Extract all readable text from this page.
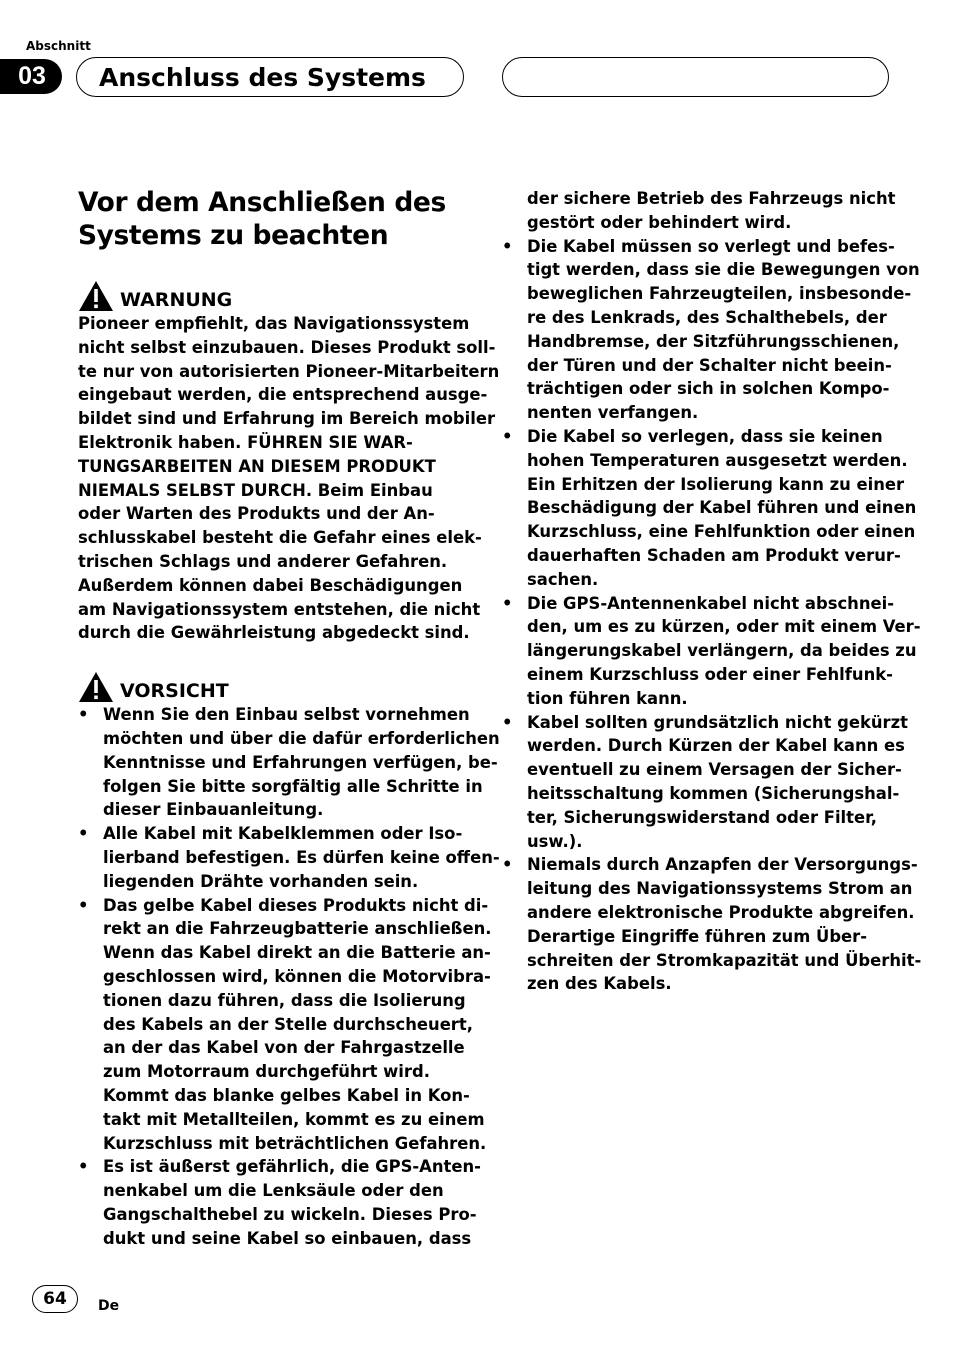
Abschnitt
03	Anschluss des Systems
Vor dem Anschließen des
Systems zu beachten
WARNUNG

Pioneer empfiehlt, das Navigationssystem
nicht selbst einzubauen. Dieses Produkt soll-
te nur von autorisierten Pioneer-Mitarbeitern
eingebaut werden, die entsprechend ausge-
bildet sind und Erfahrung im Bereich mobiler
Elektronik haben. FÜHREN SIE WAR-
TUNGSARBEITEN AN DIESEM PRODUKT
NIEMALS SELBST DURCH. Beim Einbau
oder Warten des Produkts und der An-
schlusskabel besteht die Gefahr eines elek-
trischen Schlags und anderer Gefahren.
Außerdem können dabei Beschädigungen
am Navigationssystem entstehen, die nicht
durch die Gewährleistung abgedeckt sind.

VORSICHT
• Wenn Sie den Einbau selbst vornehmen
möchten und über die dafür erforderlichen
Kenntnisse und Erfahrungen verfügen, be-
folgen Sie bitte sorgfältig alle Schritte in
dieser Einbauanleitung.
• Alle Kabel mit Kabelklemmen oder Iso-
lierband befestigen. Es dürfen keine offen-
liegenden Drähte vorhanden sein.
• Das gelbe Kabel dieses Produkts nicht di-
rekt an die Fahrzeugbatterie anschließen.
Wenn das Kabel direkt an die Batterie an-
geschlossen wird, können die Motorvibra-
tionen dazu führen, dass die Isolierung
des Kabels an der Stelle durchscheuert,
an der das Kabel von der Fahrgastzelle
zum Motorraum durchgeführt wird.
Kommt das blanke gelbes Kabel in Kon-
takt mit Metallteilen, kommt es zu einem
Kurzschluss mit beträchtlichen Gefahren.
• Es ist äußerst gefährlich, die GPS-Anten-
nenkabel um die Lenksäule oder den
Gangschalthebel zu wickeln. Dieses Pro-
dukt und seine Kabel so einbauen, dass
der sichere Betrieb des Fahrzeugs nicht
gestört oder behindert wird.
• Die Kabel müssen so verlegt und befes-
tigt werden, dass sie die Bewegungen von
beweglichen Fahrzeugteilen, insbesonde-
re des Lenkrads, des Schalthebels, der
Handbremse, der Sitzführungsschienen,
der Türen und der Schalter nicht beein-
trächtigen oder sich in solchen Kompo-
nenten verfangen.
• Die Kabel so verlegen, dass sie keinen
hohen Temperaturen ausgesetzt werden.
Ein Erhitzen der Isolierung kann zu einer
Beschädigung der Kabel führen und einen
Kurzschluss, eine Fehlfunktion oder einen
dauerhaften Schaden am Produkt verur-
sachen.
• Die GPS-Antennenkabel nicht abschnei-
den, um es zu kürzen, oder mit einem Ver-
längerungskabel verlängern, da beides zu
einem Kurzschluss oder einer Fehlfunk-
tion führen kann.
• Kabel sollten grundsätzlich nicht gekürzt
werden. Durch Kürzen der Kabel kann es
eventuell zu einem Versagen der Sicher-
heitsschaltung kommen (Sicherungshal-
ter, Sicherungswiderstand oder Filter,
usw.).
• Niemals durch Anzapfen der Versorgungs-
leitung des Navigationssystems Strom an
andere elektronische Produkte abgreifen.
Derartige Eingriffe führen zum Über-
schreiten der Stromkapazität und Überhit-
zen des Kabels.
64	De
